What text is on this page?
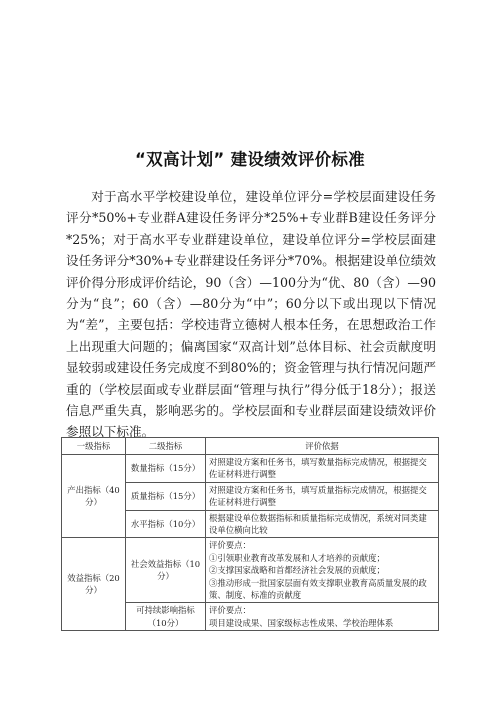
“双高计划” 建设绩效评价标准

对于高水平学校建设单位，建设单位评分=学校层面建设任务评分*50%+专业群A建设任务评分*25%+专业群B建设任务评分*25%；对于高水平专业群建设单位，建设单位评分=学校层面建设任务评分*30%+专业群建设任务评分*70%。根据建设单位绩效评价得分形成评价结论，90（含）—100分为“优、80（含）—90分为“良”；60（含）—80分为“中”；60分以下或出现以下情况为“差”，主要包括：学校违背立德树人根本任务，在思想政治工作上出现重大问题的；偏离国家“双高计划”总体目标、社会贡献度明显较弱或建设任务完成度不到80%的；资金管理与执行情况问题严重的（学校层面或专业群层面“管理与执行”得分低于18分）；报送信息严重失真，影响恶劣的。学校层面和专业群层面建设绩效评价参照以下标准。

一级指标	二级指标	评价依据
产出指标（40分）	数量指标（15分）	对照建设方案和任务书，填写数量指标完成情况，根据提交佐证材料进行调整
	质量指标（15分）	对照建设方案和任务书，填写质量指标完成情况，根据提交佐证材料进行调整
	水平指标（10分）	根据建设单位数据指标和质量指标完成情况，系统对同类建设单位横向比较
效益指标（20分）	社会效益指标（10分）	评价要点：
①引领职业教育改革发展和人才培养的贡献度；
②支撑国家战略和首都经济社会发展的贡献度；
③推动形成一批国家层面有效支撑职业教育高质量发展的政策、制度、标准的贡献度

	可持续影响指标（10分）	评价要点：
项目建设成果、国家级标志性成果、学校治理体系
